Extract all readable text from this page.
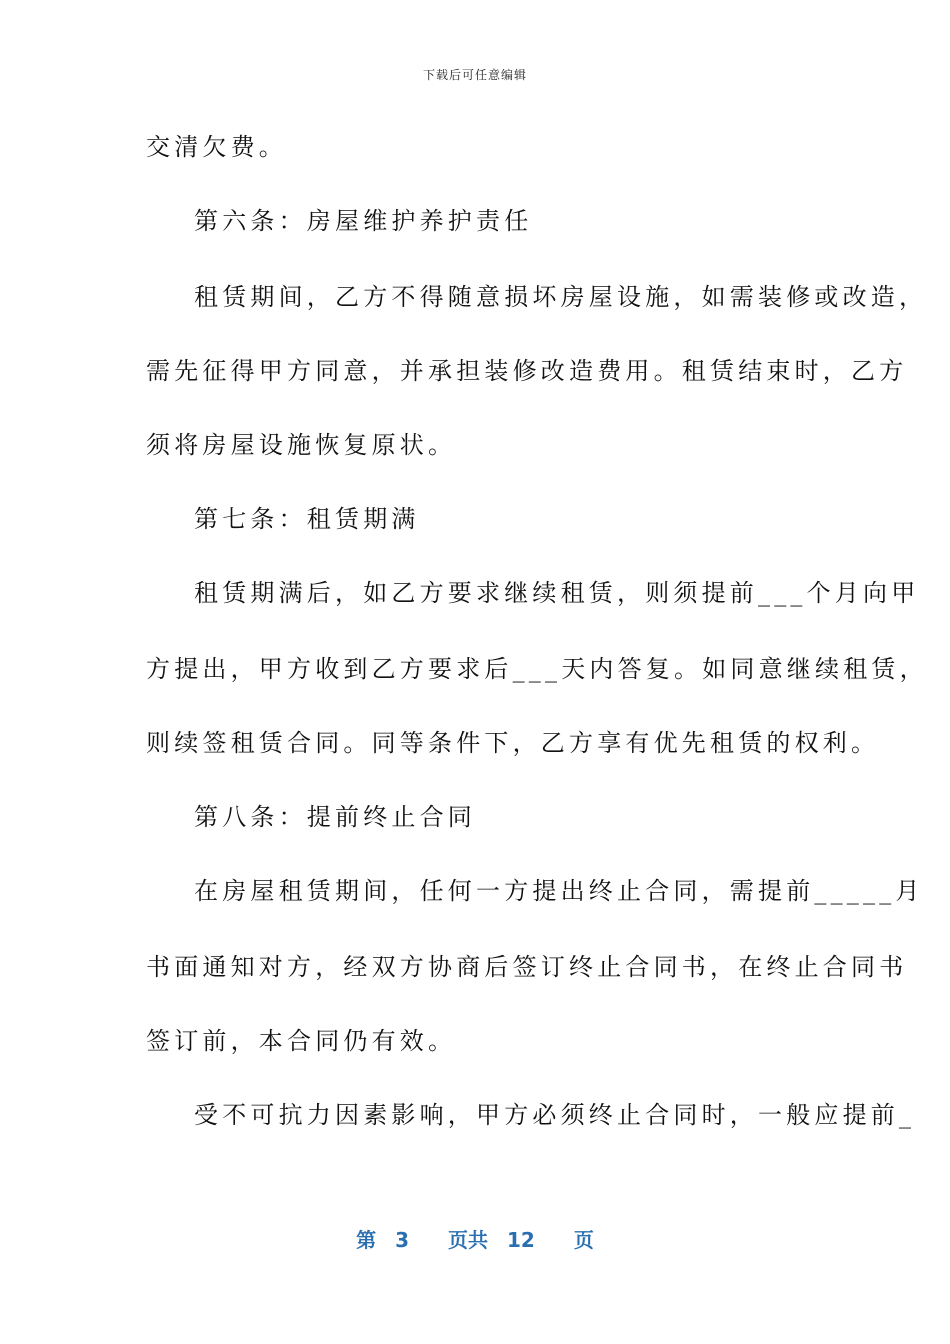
下载后可任意编辑
交清欠费。
第六条：房屋维护养护责任
租赁期间，乙方不得随意损坏房屋设施，如需装修或改造，
需先征得甲方同意，并承担装修改造费用。租赁结束时，乙方
须将房屋设施恢复原状。
第七条：租赁期满
租赁期满后，如乙方要求继续租赁，则须提前___个月向甲
方提出，甲方收到乙方要求后___天内答复。如同意继续租赁，
则续签租赁合同。同等条件下，乙方享有优先租赁的权利。
第八条：提前终止合同
在房屋租赁期间，任何一方提出终止合同，需提前_____月
书面通知对方，经双方协商后签订终止合同书，在终止合同书
签订前，本合同仍有效。
受不可抗力因素影响，甲方必须终止合同时，一般应提前_
第 3 页共 12 页
